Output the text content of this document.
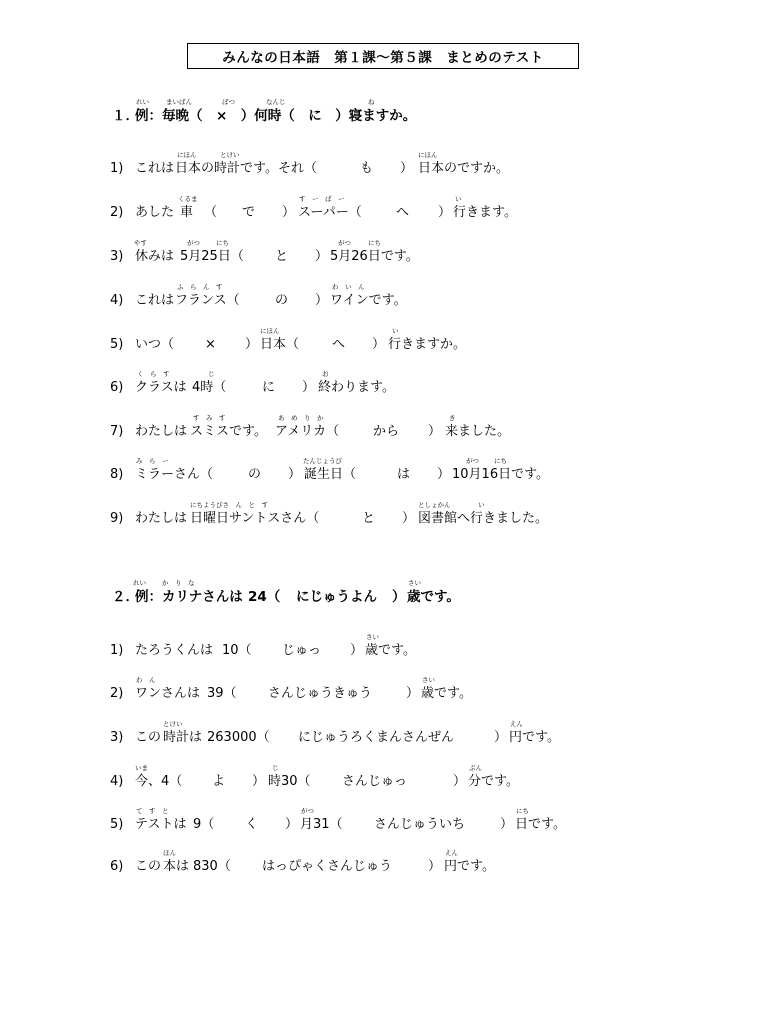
みんなの日本語　第１課〜第５課　まとめのテスト
１．
例：毎晩（　×　）何時（　に　）寝ますか。
れい	まいばん	ばつ	なんじ	ね
1) これは 日本の時計です。それ（	も ） 日本のですか。
にほん	とけい	にほん
2) あした 車 （ で ） スーパー（	へ ） 行きます。
くるま	す　ー　ぱ　ー	い
3) 休みは 5月25日（ と ） 5月26日です。
やす	がつ にち	がつ	にち
4) これは フランス（	の ） ワインです。
ふ　ら　ん　す	わ　い　ん
5) いつ（ × ） 日本（	へ ） 行きますか。
にほん	い
6) クラスは 4時（	に ） 終わります。
く　ら　す	じ	お
7) わたしは スミスです。 アメリカ（	から ） 来ました。
す　み　す	あ　め　り　か	き
8) ミラーさん（	の ） 誕生日（	は ） 10月16日です。
み　ら　ー	たんじょうび	がつ にち
9) わたしは 日曜日サントスさん（	と ） 図書館へ行きました。
にちようびさ　ん　と　す	としょかん	い
２．
例：カリナさんは 24（ にじゅうよん ） 歳です。
れい か　り　な	さい
1) たろうくんは 10（ じゅっ ） 歳です。
さい
2) ワンさんは 39（ さんじゅうきゅう	） 歳です。
わ　ん	さい
3) この 時計は 263000（ にじゅうろくまんさんぜん	） 円です。
とけい	えん
4) 今、4（ よ ） 時30（ さんじゅっ	） 分です。
いま	じ	ぷん
5) テストは 9（ く ） 月31（ さんじゅういち	） 日です。
て　す　と	がつ	にち
6) この 本は 830（ はっぴゃくさんじゅう	） 円です。
ほん	えん
